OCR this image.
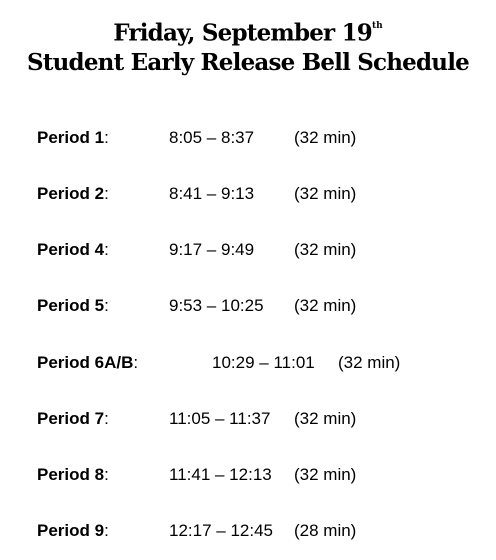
Friday, September 19th
Student Early Release Bell Schedule
Period 1:	8:05 – 8:37 (32 min)
Period 2:	8:41 – 9:13 (32 min)
Period 4:	9:17 – 9:49 (32 min)
Period 5:	9:53 – 10:25 (32 min)
Period 6A/B:	10:29 – 11:01 (32 min)
Period 7:	11:05 – 11:37 (32 min)
Period 8:	11:41 – 12:13 (32 min)
Period 9:	12:17 – 12:45 (28 min)
